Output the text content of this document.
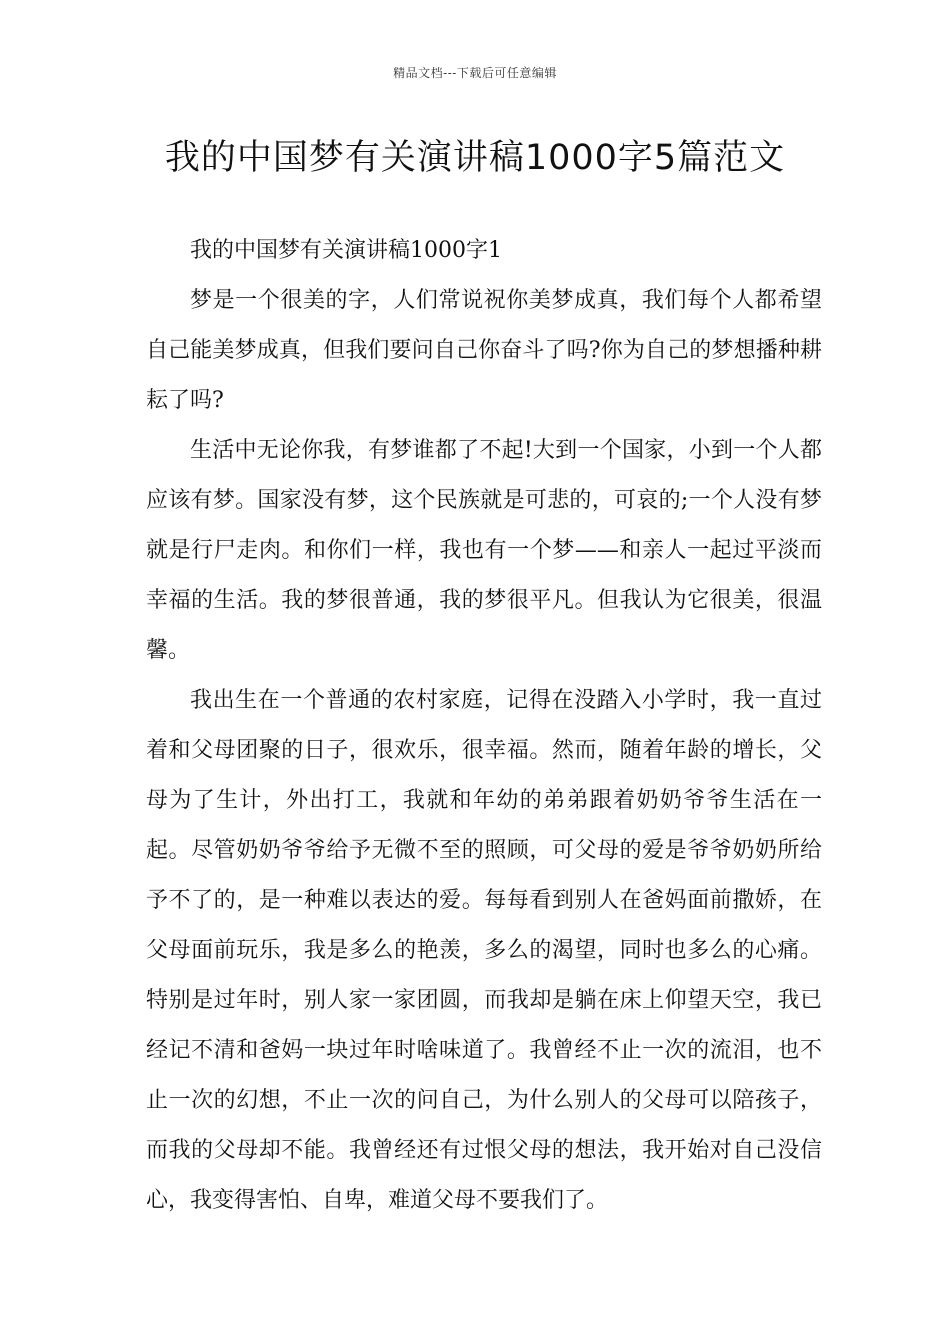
精品文档---下载后可任意编辑
我的中国梦有关演讲稿1000字5篇范文

我的中国梦有关演讲稿1000字1

梦是一个很美的字，人们常说祝你美梦成真，我们每个人都希望自己能美梦成真，但我们要问自己你奋斗了吗?你为自己的梦想播种耕耘了吗?

生活中无论你我，有梦谁都了不起!大到一个国家，小到一个人都应该有梦。国家没有梦，这个民族就是可悲的，可哀的;一个人没有梦就是行尸走肉。和你们一样，我也有一个梦——和亲人一起过平淡而幸福的生活。我的梦很普通，我的梦很平凡。但我认为它很美，很温馨。

我出生在一个普通的农村家庭，记得在没踏入小学时，我一直过着和父母团聚的日子，很欢乐，很幸福。然而，随着年龄的增长，父母为了生计，外出打工，我就和年幼的弟弟跟着奶奶爷爷生活在一起。尽管奶奶爷爷给予无微不至的照顾，可父母的爱是爷爷奶奶所给予不了的，是一种难以表达的爱。每每看到别人在爸妈面前撒娇，在父母面前玩乐，我是多么的艳羡，多么的渴望，同时也多么的心痛。特别是过年时，别人家一家团圆，而我却是躺在床上仰望天空，我已经记不清和爸妈一块过年时啥味道了。我曾经不止一次的流泪，也不止一次的幻想，不止一次的问自己，为什么别人的父母可以陪孩子，而我的父母却不能。我曾经还有过恨父母的想法，我开始对自己没信心，我变得害怕、自卑，难道父母不要我们了。
